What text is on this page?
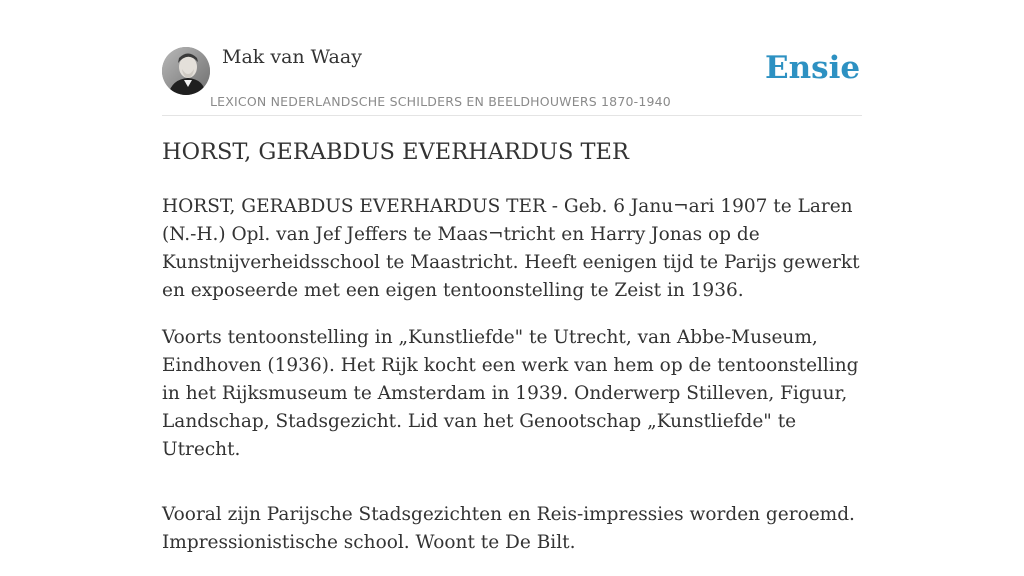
Mak van Waay
LEXICON NEDERLANDSCHE SCHILDERS EN BEELDHOUWERS 1870-1940
Ensie
HORST, GERABDUS EVERHARDUS TER

HORST, GERABDUS EVERHARDUS TER - Geb. 6 Janu¬ari 1907 te Laren (N.-H.) Opl. van Jef Jeffers te Maas¬tricht en Harry Jonas op de Kunstnijverheidsschool te Maastricht. Heeft eenigen tijd te Parijs gewerkt en exposeerde met een eigen tentoonstelling te Zeist in 1936.

Voorts tentoonstelling in „Kunstliefde" te Utrecht, van Abbe-Museum, Eindhoven (1936). Het Rijk kocht een werk van hem op de tentoonstelling in het Rijksmuseum te Amsterdam in 1939. Onderwerp Stilleven, Figuur, Landschap, Stadsgezicht. Lid van het Genootschap „Kunstliefde" te Utrecht.

Vooral zijn Parijsche Stadsgezichten en Reis-impressies worden geroemd. Impressionistische school. Woont te De Bilt.
